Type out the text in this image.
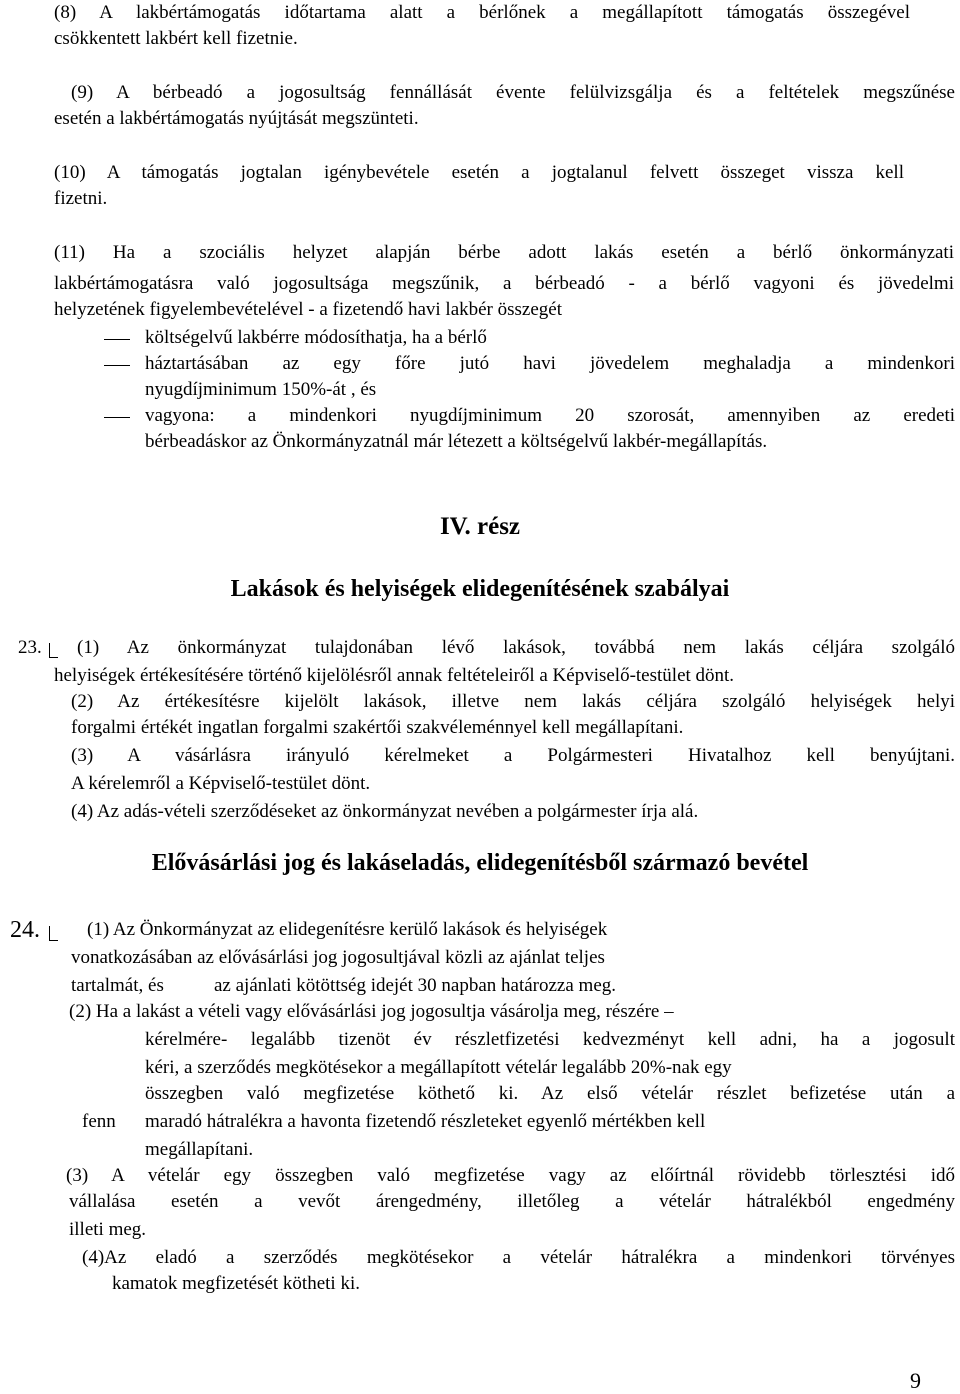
(8) A lakbértámogatás időtartama alatt a bérlőnek a megállapított támogatás összegével
csökkentett lakbért kell fizetnie.
(9) A bérbeadó a jogosultság fennállását évente felülvizsgálja és a feltételek megszűnése
esetén a lakbértámogatás nyújtását megszünteti.
(10) A támogatás jogtalan igénybevétele esetén a jogtalanul felvett összeget vissza kell
fizetni.
(11) Ha a szociális helyzet alapján bérbe adott lakás esetén a bérlő önkormányzati
lakbértámogatásra való jogosultsága megszűnik, a bérbeadó - a bérlő vagyoni és jövedelmi
helyzetének figyelembevételével - a fizetendő havi lakbér összegét
költségelvű lakbérre módosíthatja, ha a bérlő
háztartásában az egy főre jutó havi jövedelem meghaladja a mindenkori
nyugdíjminimum 150%-át , és
vagyona: a mindenkori nyugdíjminimum 20 szorosát, amennyiben az eredeti
bérbeadáskor az Önkormányzatnál már létezett a költségelvű lakbér-megállapítás.
IV. rész
Lakások és helyiségek elidegenítésének szabályai
23. (1) Az önkormányzat tulajdonában lévő lakások, továbbá nem lakás céljára szolgáló
helyiségek értékesítésére történő kijelölésről annak feltételeiről a Képviselő-testület dönt.
(2) Az értékesítésre kijelölt lakások, illetve nem lakás céljára szolgáló helyiségek helyi
forgalmi értékét ingatlan forgalmi szakértői szakvéleménnyel kell megállapítani.
(3) A vásárlásra irányuló kérelmeket a Polgármesteri Hivatalhoz kell benyújtani.
A kérelemről a Képviselő-testület dönt.
(4) Az adás-vételi szerződéseket az önkormányzat nevében a polgármester írja alá.
Elővásárlási jog és lakáseladás, elidegenítésből származó bevétel
24. (1) Az Önkormányzat az elidegenítésre kerülő lakások és helyiségek
vonatkozásában az elővásárlási jog jogosultjával közli az ajánlat teljes
tartalmát, és	az ajánlati kötöttség idejét 30 napban határozza meg.
(2) Ha a lakást a vételi vagy elővásárlási jog jogosultja vásárolja meg, részére –
kérelmére- legalább tizenöt év részletfizetési kedvezményt kell adni, ha a jogosult
kéri, a szerződés megkötésekor a megállapított vételár legalább 20%-nak egy
összegben való megfizetése köthető ki. Az első vételár részlet befizetése után a
fenn maradó hátralékra a havonta fizetendő részleteket egyenlő mértékben kell
megállapítani.
(3) A vételár egy összegben való megfizetése vagy az előírtnál rövidebb törlesztési idő
vállalása esetén a vevőt árengedmény, illetőleg a vételár hátralékból engedmény
illeti meg.
(4)Az eladó a szerződés megkötésekor a vételár hátralékra a mindenkori törvényes
kamatok megfizetését kötheti ki.
9
